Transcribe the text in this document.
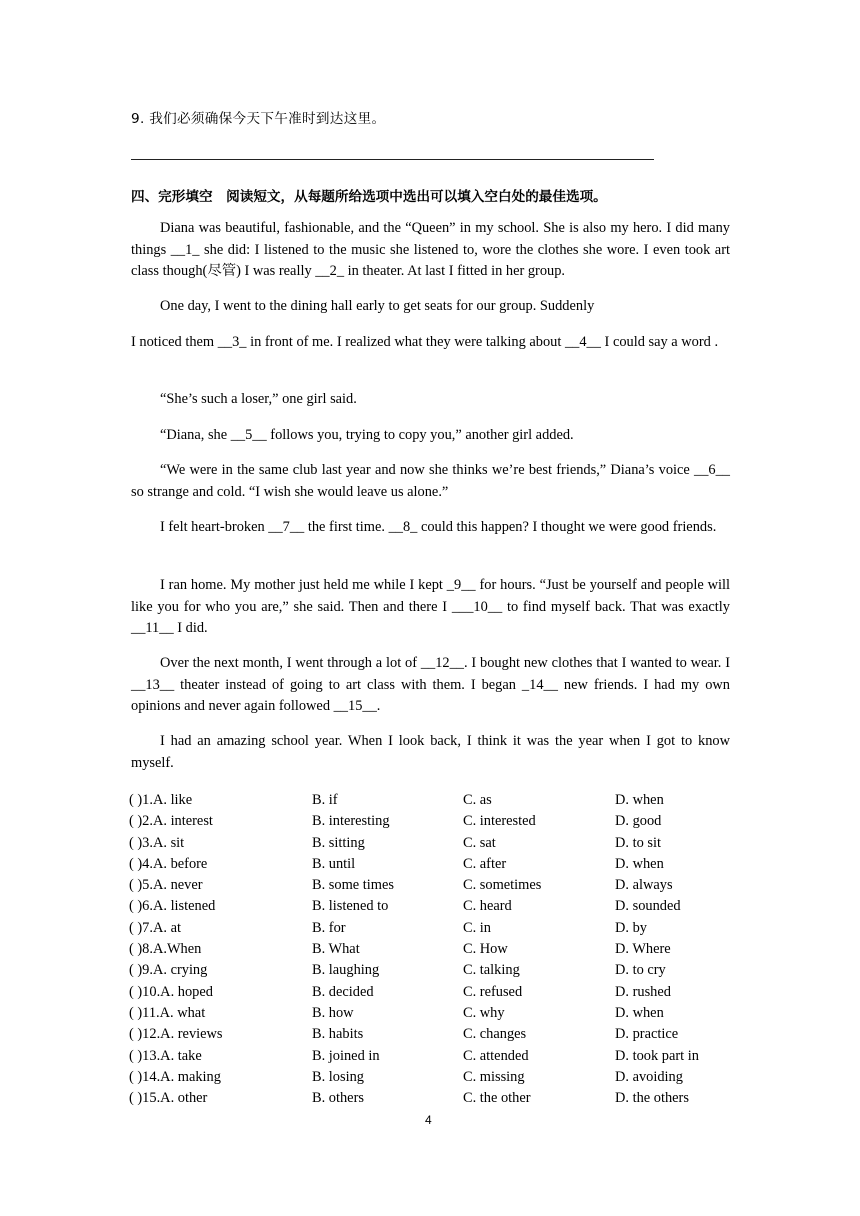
9. 我们必须确保今天下午准时到达这里。
四、完形填空　阅读短文，从每题所给选项中选出可以填入空白处的最佳选项。

Diana was beautiful, fashionable, and the “Queen” in my school. She is also my hero. I did many things __1_ she did: I listened to the music she listened to, wore the clothes she wore. I even took art class though(尽管) I was really __2_ in theater. At last I fitted in her group.

One day, I went to the dining hall early to get seats for our group. Suddenly

I noticed them __3_ in front of me. I realized what they were talking about __4__ I could say a word .

“She’s such a loser,” one girl said.

“Diana, she __5__ follows you, trying to copy you,” another girl added.

“We were in the same club last year and now she thinks we’re best friends,” Diana’s voice __6__ so strange and cold. “I wish she would leave us alone.”

I felt heart-broken __7__ the first time. __8_ could this happen? I thought we were good friends.

I ran home. My mother just held me while I kept _9__ for hours. “Just be yourself and people will like you for who you are,” she said. Then and there I ___10__ to find myself back. That was exactly __11__ I did.

Over the next month, I went through a lot of __12__. I bought new clothes that I wanted to wear. I __13__ theater instead of going to art class with them. I began _14__ new friends. I had my own opinions and never again followed __15__.

I had an amazing school year. When I look back, I think it was the year when I got to know myself.

( )1.A. like	B. if	C. as	D. when
( )2.A. interest	B. interesting	C. interested	D. good
( )3.A. sit	B. sitting	C. sat	D. to sit
( )4.A. before	B. until	C. after	D. when
( )5.A. never	B. some times	C. sometimes	D. always
( )6.A. listened	B. listened to	C. heard	D. sounded
( )7.A. at	B. for	C. in	D. by
( )8.A.When	B. What	C. How	D. Where
( )9.A. crying	B. laughing	C. talking	D. to cry
( )10.A. hoped	B. decided	C. refused	D. rushed
( )11.A. what	B. how	C. why	D. when
( )12.A. reviews	B. habits	C. changes	D. practice
( )13.A. take	B. joined in	C. attended	D. took part in
( )14.A. making	B. losing	C. missing	D. avoiding
( )15.A. other	B. others	C. the other	D. the others
4
